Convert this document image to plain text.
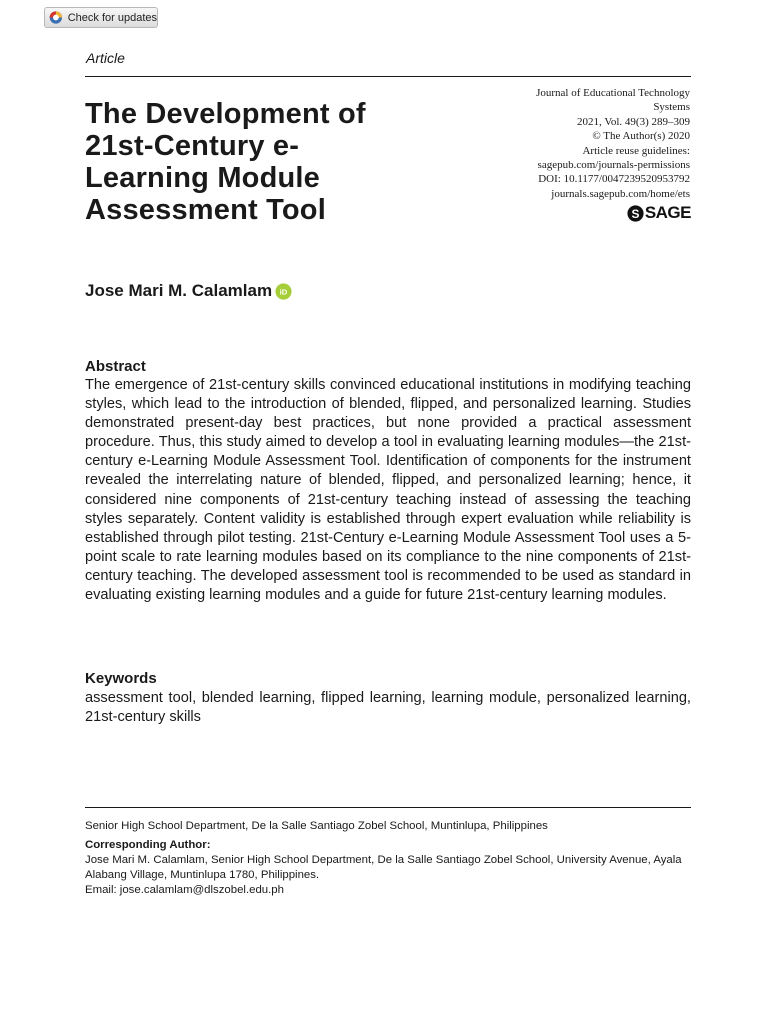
Check for updates
Article
The Development of 21st-Century e-Learning Module Assessment Tool
Journal of Educational Technology
Systems
2021, Vol. 49(3) 289–309
© The Author(s) 2020
Article reuse guidelines:
sagepub.com/journals-permissions
DOI: 10.1177/0047239520953792
journals.sagepub.com/home/ets
S SAGE
Jose Mari M. Calamlam iD
Abstract

The emergence of 21st-century skills convinced educational institutions in modifying teaching styles, which lead to the introduction of blended, flipped, and personalized learning. Studies demonstrated present-day best practices, but none provided a practical assessment procedure. Thus, this study aimed to develop a tool in evaluating learning modules—the 21st-century e-Learning Module Assessment Tool. Identification of components for the instrument revealed the interrelating nature of blended, flipped, and personalized learning; hence, it considered nine components of 21st-century teaching instead of assessing the teaching styles separately. Content validity is established through expert evaluation while reliability is established through pilot testing. 21st-Century e-Learning Module Assessment Tool uses a 5-point scale to rate learning modules based on its compliance to the nine components of 21st-century teaching. The developed assessment tool is recommended to be used as standard in evaluating existing learning modules and a guide for future 21st-century learning modules.

Keywords

assessment tool, blended learning, flipped learning, learning module, personalized learning, 21st-century skills

Senior High School Department, De la Salle Santiago Zobel School, Muntinlupa, Philippines
Corresponding Author:
Jose Mari M. Calamlam, Senior High School Department, De la Salle Santiago Zobel School, University Avenue, Ayala Alabang Village, Muntinlupa 1780, Philippines.
Email: jose.calamlam@dlszobel.edu.ph
